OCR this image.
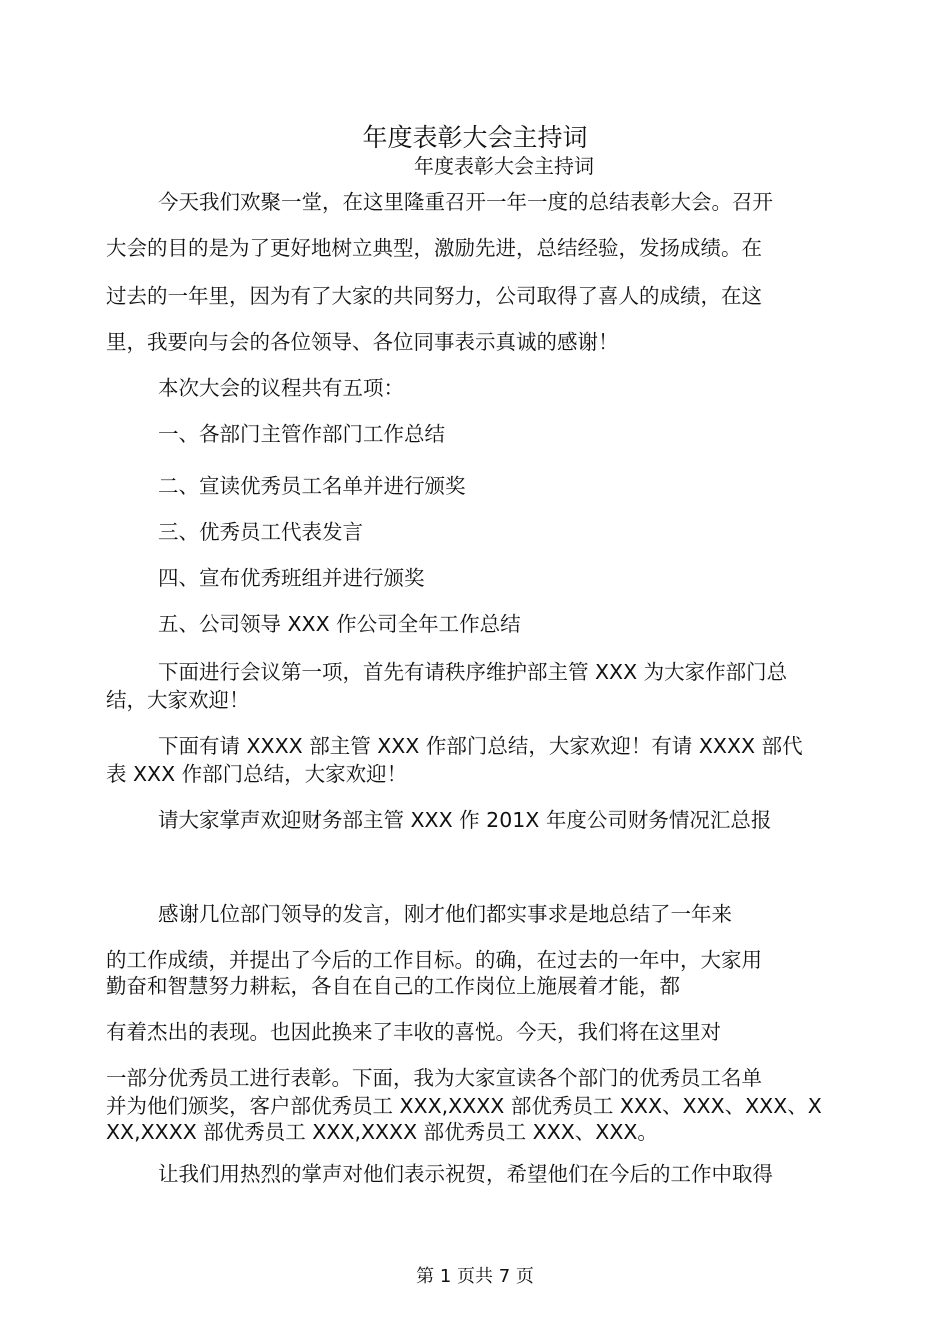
年度表彰大会主持词
年度表彰大会主持词
今天我们欢聚一堂，在这里隆重召开一年一度的总结表彰大会。召开
大会的目的是为了更好地树立典型，激励先进，总结经验，发扬成绩。在
过去的一年里，因为有了大家的共同努力，公司取得了喜人的成绩，在这
里，我要向与会的各位领导、各位同事表示真诚的感谢！
本次大会的议程共有五项：
一、各部门主管作部门工作总结
二、宣读优秀员工名单并进行颁奖
三、优秀员工代表发言
四、宣布优秀班组并进行颁奖
五、公司领导 XXX 作公司全年工作总结
下面进行会议第一项，首先有请秩序维护部主管 XXX 为大家作部门总
结，大家欢迎！
下面有请 XXXX 部主管 XXX 作部门总结，大家欢迎！有请 XXXX 部代
表 XXX 作部门总结，大家欢迎！
请大家掌声欢迎财务部主管 XXX 作 201X 年度公司财务情况汇总报
感谢几位部门领导的发言，刚才他们都实事求是地总结了一年来
的工作成绩，并提出了今后的工作目标。的确，在过去的一年中，大家用
勤奋和智慧努力耕耘，各自在自己的工作岗位上施展着才能，都
有着杰出的表现。也因此换来了丰收的喜悦。今天，我们将在这里对
一部分优秀员工进行表彰。下面，我为大家宣读各个部门的优秀员工名单
并为他们颁奖，客户部优秀员工 XXX,XXXX 部优秀员工 XXX、XXX、XXX、X
XX,XXXX 部优秀员工 XXX,XXXX 部优秀员工 XXX、XXX。
让我们用热烈的掌声对他们表示祝贺，希望他们在今后的工作中取得
第 1 页共 7 页
